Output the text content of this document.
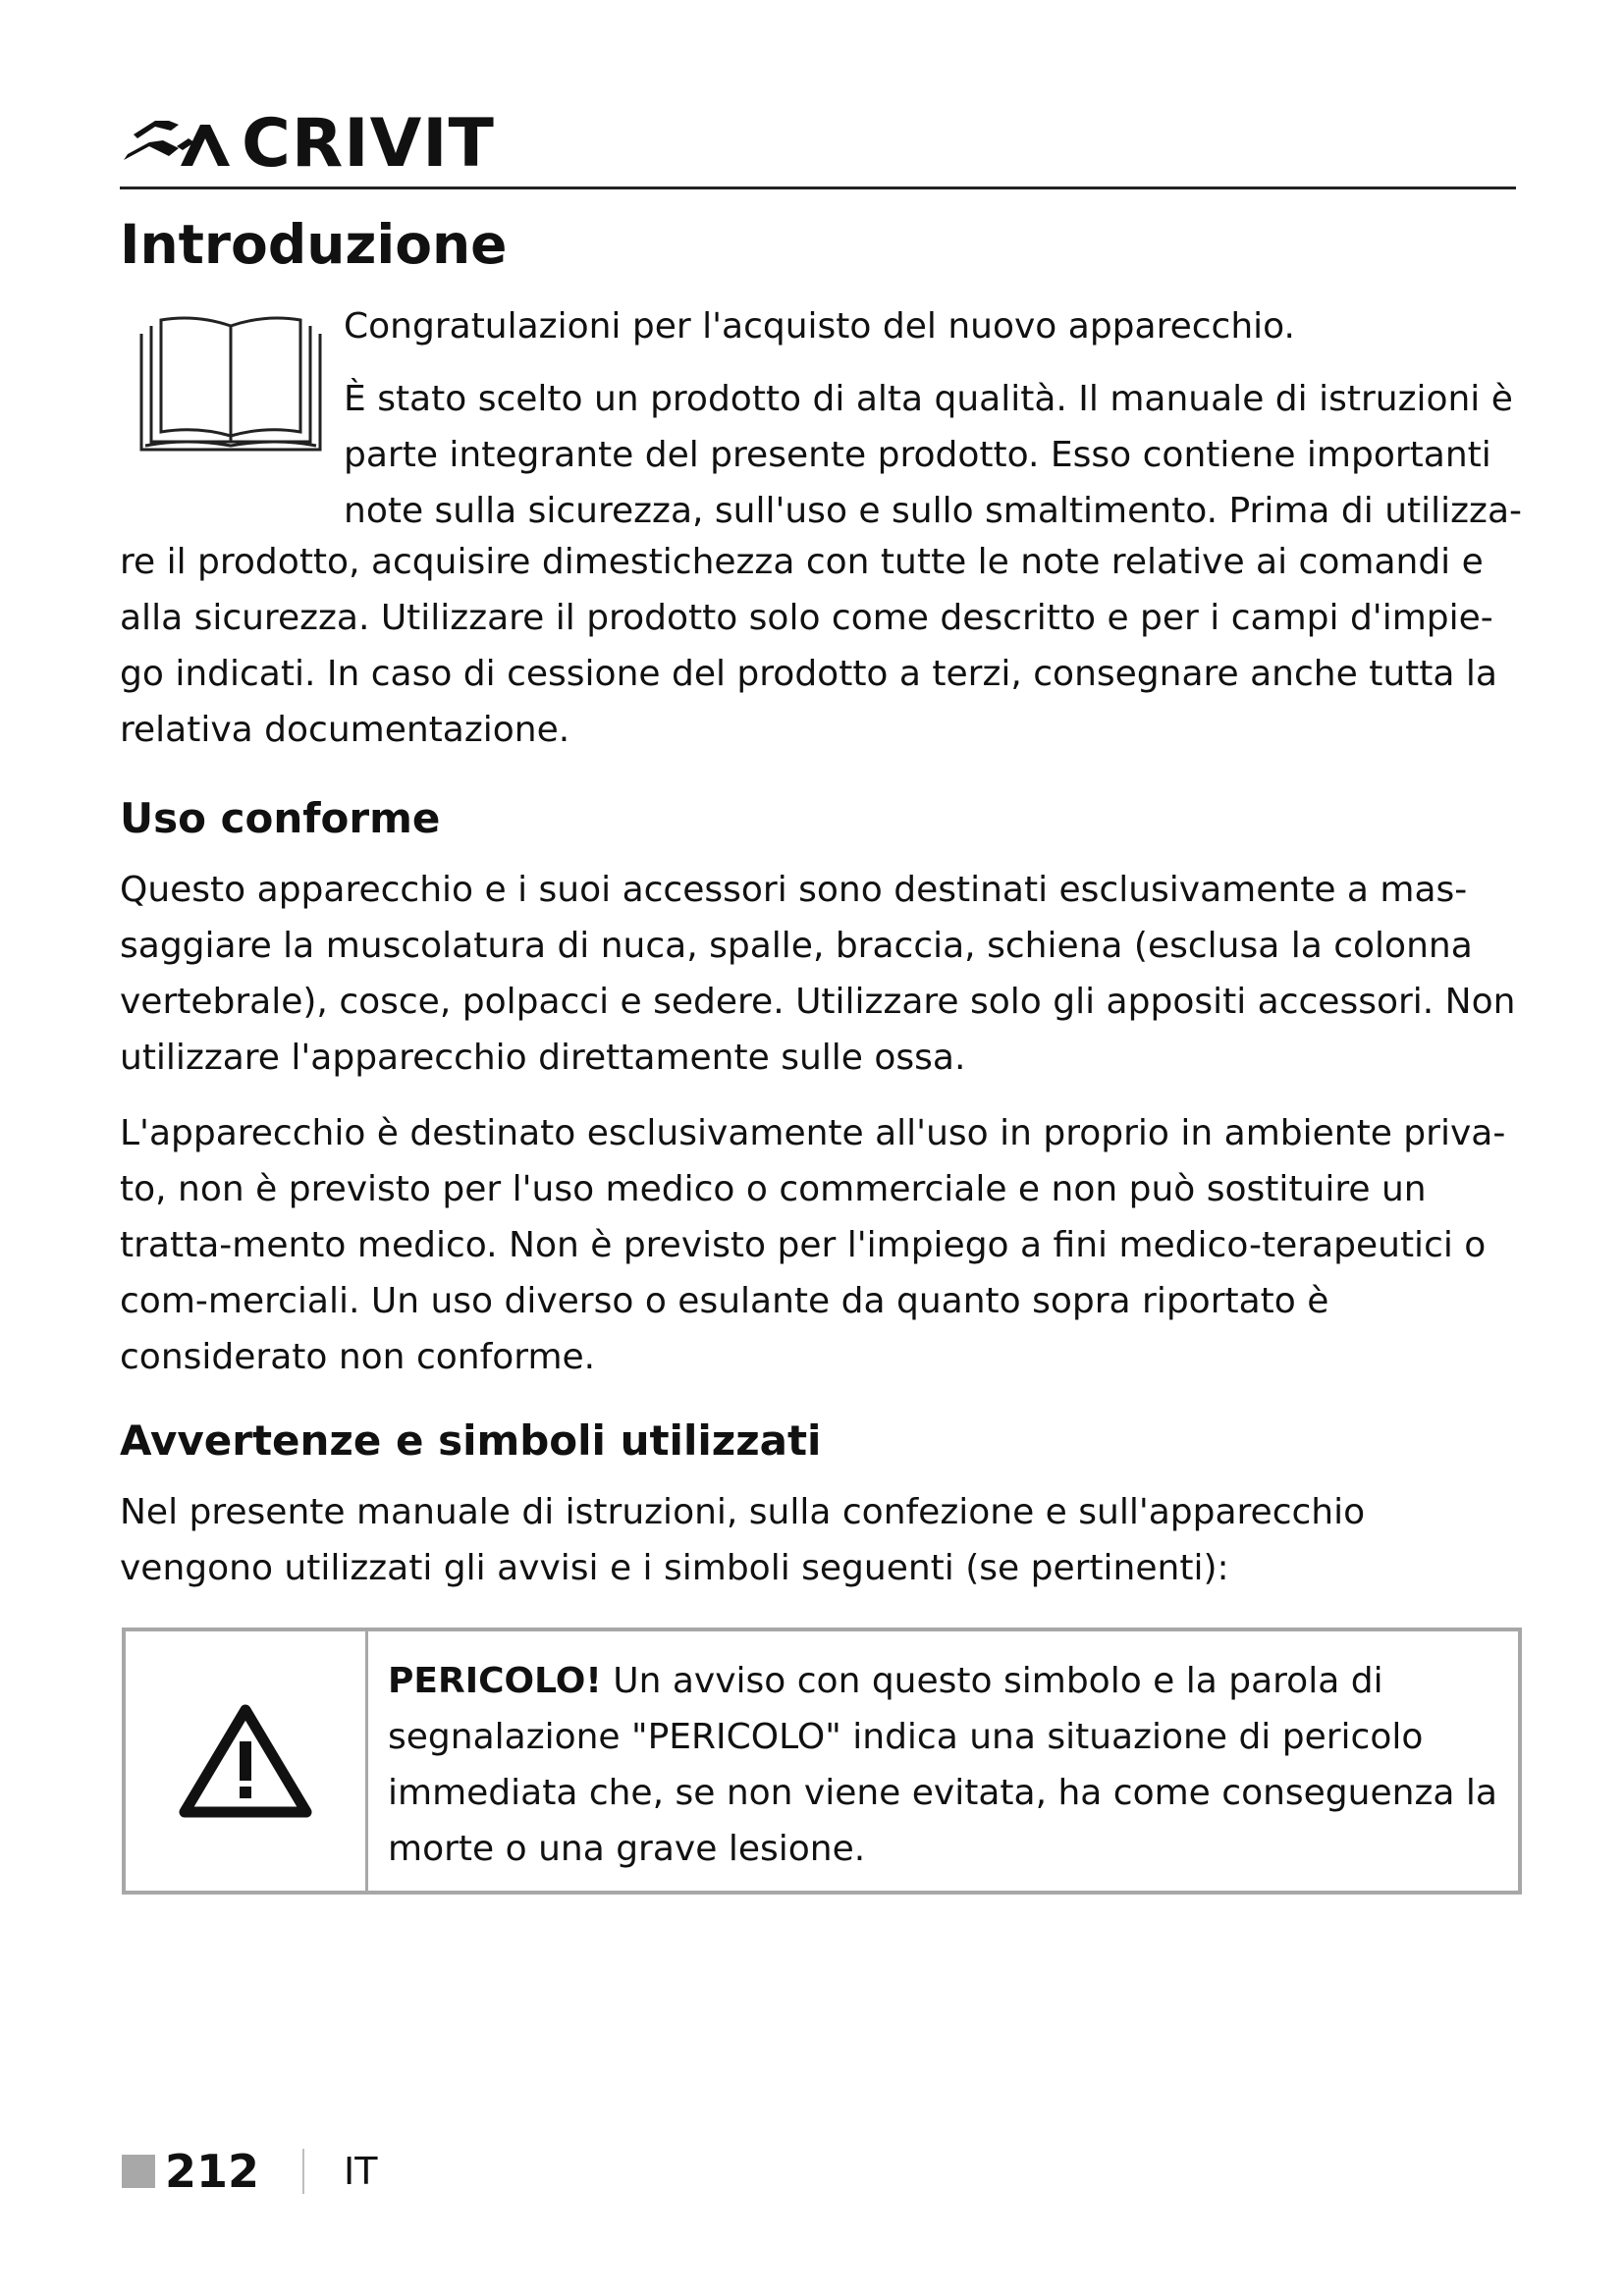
CRIVIT
Introduzione
Congratulazioni per l'acquisto del nuovo apparecchio.
È stato scelto un prodotto di alta qualità. Il manuale di istruzioni è
parte integrante del presente prodotto. Esso contiene importanti
note sulla sicurezza, sull'uso e sullo smaltimento. Prima di utilizza-
re il prodotto, acquisire dimestichezza con tutte le note relative ai comandi e alla sicurezza. Utilizzare il prodotto solo come descritto e per i campi d'impie-go indicati. In caso di cessione del prodotto a terzi, consegnare anche tutta la relativa documentazione.
Uso conforme
Questo apparecchio e i suoi accessori sono destinati esclusivamente a mas-saggiare la muscolatura di nuca, spalle, braccia, schiena (esclusa la colonna vertebrale), cosce, polpacci e sedere. Utilizzare solo gli appositi accessori. Non utilizzare l'apparecchio direttamente sulle ossa.
L'apparecchio è destinato esclusivamente all'uso in proprio in ambiente priva-to, non è previsto per l'uso medico o commerciale e non può sostituire un tratta-mento medico. Non è previsto per l'impiego a fini medico-terapeutici o com-merciali. Un uso diverso o esulante da quanto sopra riportato è considerato non conforme.
Avvertenze e simboli utilizzati
Nel presente manuale di istruzioni, sulla confezione e sull'apparecchio vengono utilizzati gli avvisi e i simboli seguenti (se pertinenti):
PERICOLO! Un avviso con questo simbolo e la parola di segnalazione "PERICOLO" indica una situazione di pericolo immediata che, se non viene evitata, ha come conseguenza la morte o una grave lesione.
212 IT
